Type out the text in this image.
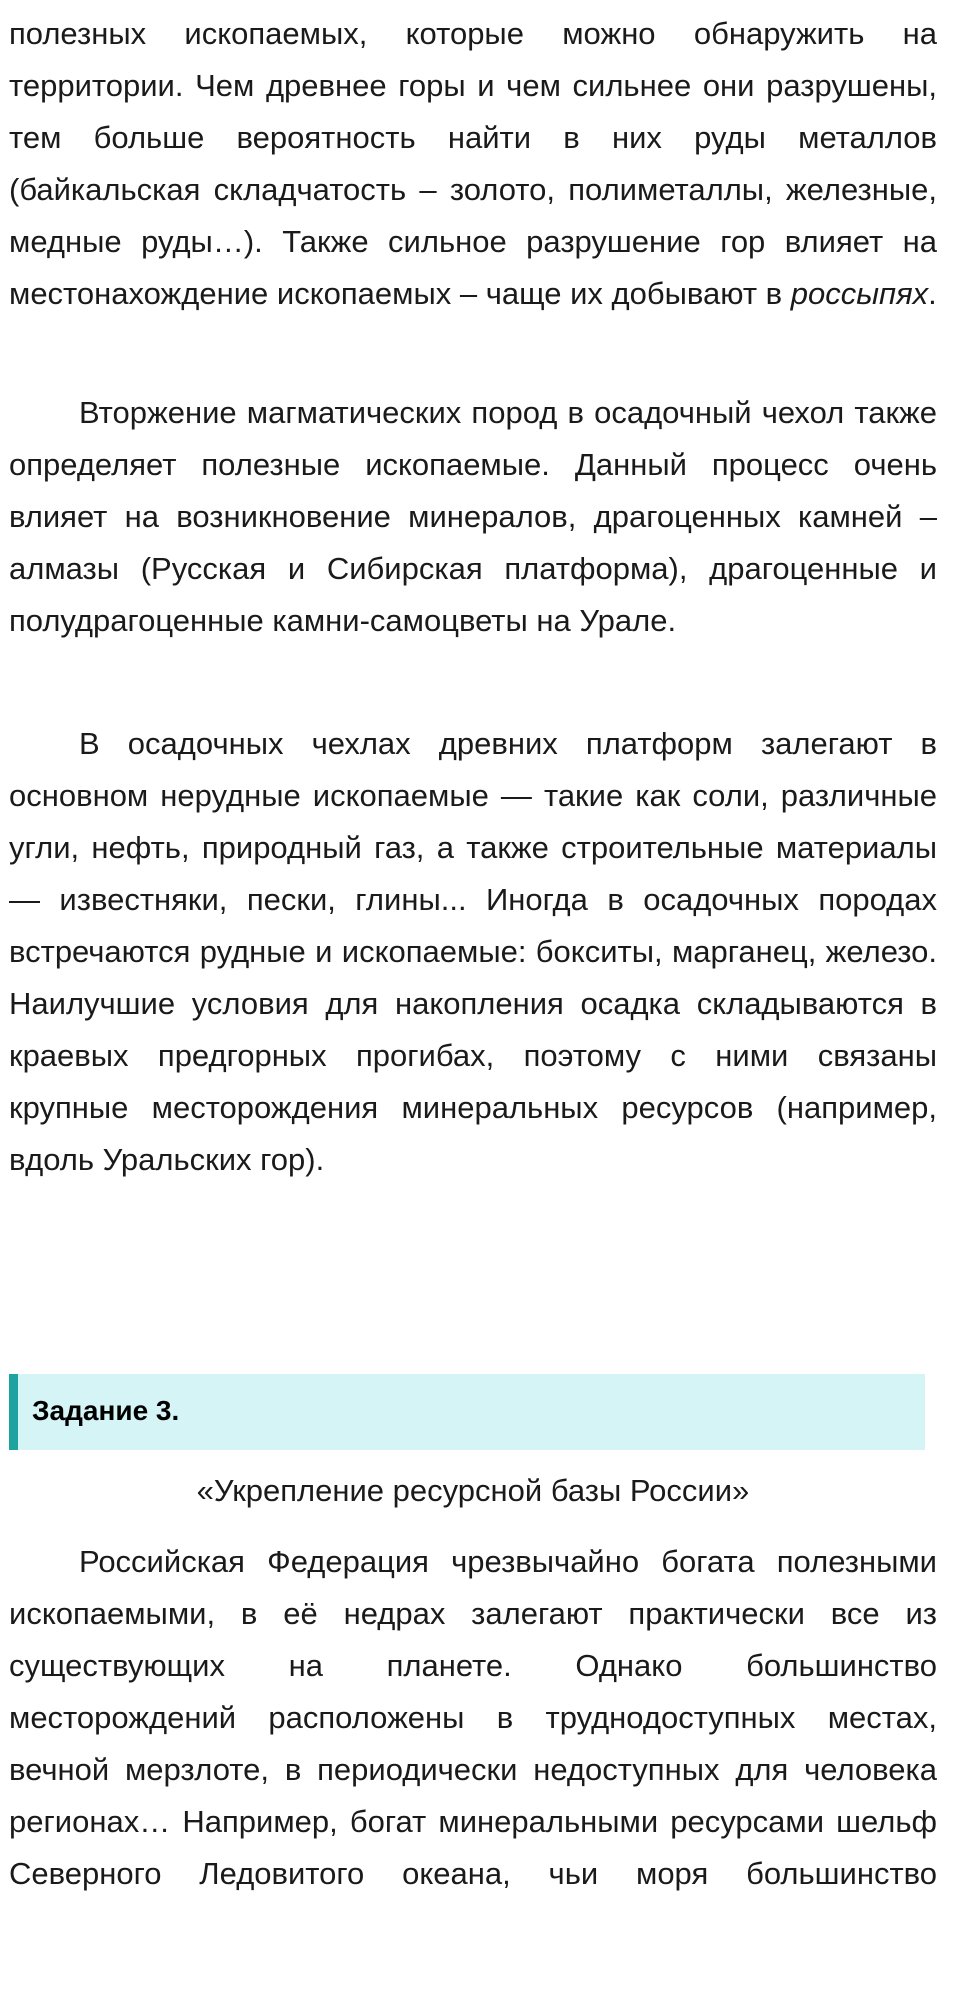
полезных ископаемых, которые можно обнаружить на территории. Чем древнее горы и чем сильнее они разрушены, тем больше вероятность найти в них руды металлов (байкальская складчатость – золото, полиметаллы, железные, медные руды…). Также сильное разрушение гор влияет на местонахождение ископаемых – чаще их добывают в россыпях.

Вторжение магматических пород в осадочный чехол также определяет полезные ископаемые. Данный процесс очень влияет на возникновение минералов, драгоценных камней – алмазы (Русская и Сибирская платформа), драгоценные и полудрагоценные камни-самоцветы на Урале.

В осадочных чехлах древних платформ залегают в основном нерудные ископаемые — такие как соли, различные угли, нефть, природный газ, а также строительные материалы — известняки, пески, глины... Иногда в осадочных породах встречаются рудные и ископаемые: бокситы, марганец, железо. Наилучшие условия для накопления осадка складываются в краевых предгорных прогибах, поэтому с ними связаны крупные месторождения минеральных ресурсов (например, вдоль Уральских гор).

Задание 3.
«Укрепление ресурсной базы России»

Российская Федерация чрезвычайно богата полезными ископаемыми, в её недрах залегают практически все из существующих на планете. Однако большинство месторождений расположены в труднодоступных местах, вечной мерзлоте, в периодически недоступных для человека регионах… Например, богат минеральными ресурсами шельф Северного Ледовитого океана, чьи моря большинство
